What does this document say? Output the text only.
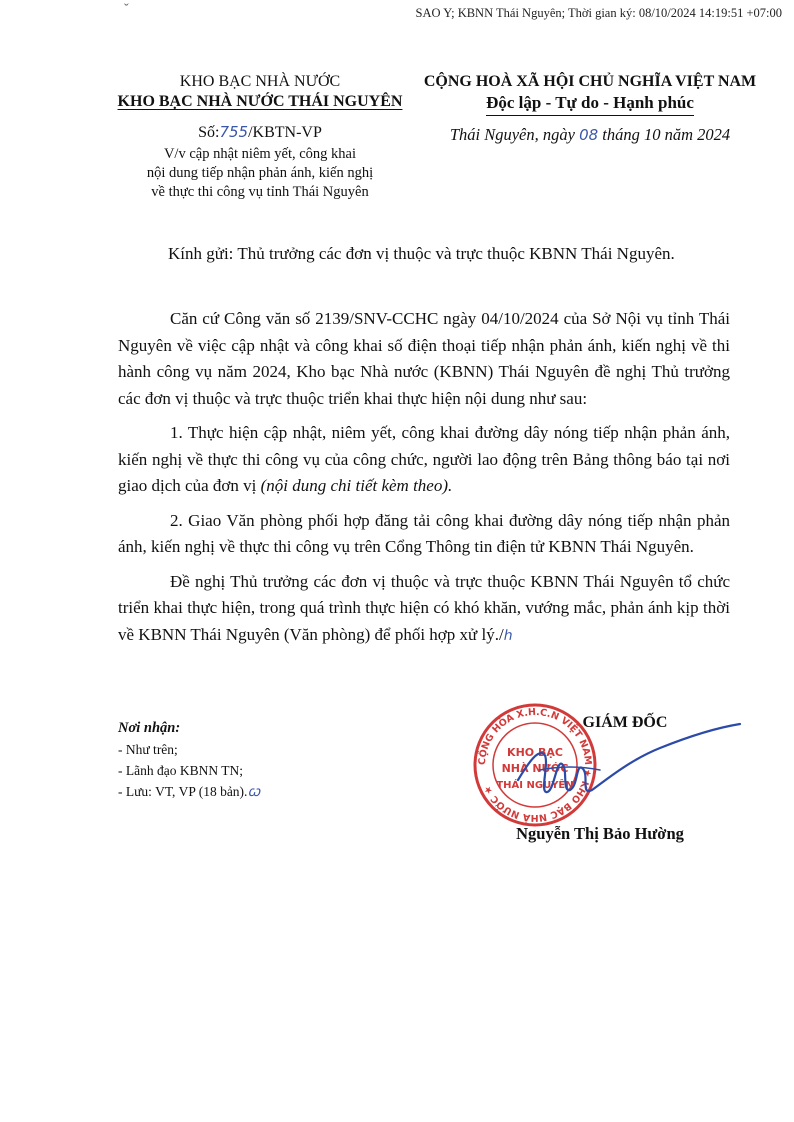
ˇ	SAO Y; KBNN Thái Nguyên; Thời gian ký: 08/10/2024 14:19:51 +07:00
KHO BẠC NHÀ NƯỚC
KHO BẠC NHÀ NƯỚC THÁI NGUYÊN
Số:755/KBTN-VP
V/v cập nhật niêm yết, công khai
nội dung tiếp nhận phản ánh, kiến nghị
về thực thi công vụ tỉnh Thái Nguyên
CỘNG HOÀ XÃ HỘI CHỦ NGHĨA VIỆT NAM
Độc lập - Tự do - Hạnh phúc
Thái Nguyên, ngày 08 tháng 10 năm 2024
Kính gửi: Thủ trưởng các đơn vị thuộc và trực thuộc KBNN Thái Nguyên.

Căn cứ Công văn số 2139/SNV-CCHC ngày 04/10/2024 của Sở Nội vụ tỉnh Thái Nguyên về việc cập nhật và công khai số điện thoại tiếp nhận phản ánh, kiến nghị về thi hành công vụ năm 2024, Kho bạc Nhà nước (KBNN) Thái Nguyên đề nghị Thủ trưởng các đơn vị thuộc và trực thuộc triển khai thực hiện nội dung như sau:

1. Thực hiện cập nhật, niêm yết, công khai đường dây nóng tiếp nhận phản ánh, kiến nghị về thực thi công vụ của công chức, người lao động trên Bảng thông báo tại nơi giao dịch của đơn vị (nội dung chi tiết kèm theo).

2. Giao Văn phòng phối hợp đăng tải công khai đường dây nóng tiếp nhận phản ánh, kiến nghị về thực thi công vụ trên Cổng Thông tin điện tử KBNN Thái Nguyên.

Đề nghị Thủ trưởng các đơn vị thuộc và trực thuộc KBNN Thái Nguyên tổ chức triển khai thực hiện, trong quá trình thực hiện có khó khăn, vướng mắc, phản ánh kịp thời về KBNN Thái Nguyên (Văn phòng) để phối hợp xử lý./ℎ

Nơi nhận:
- Như trên;
- Lãnh đạo KBNN TN;
- Lưu: VT, VP (18 bản).ꞷ
CỘNG HÒA X.H.C.N VIỆT NAM ★ KHO BẠC NHÀ NƯỚC ★
KHO BẠC
NHÀ NƯỚC
THÁI NGUYÊN
GIÁM ĐỐC
Nguyễn Thị Bảo Hường
